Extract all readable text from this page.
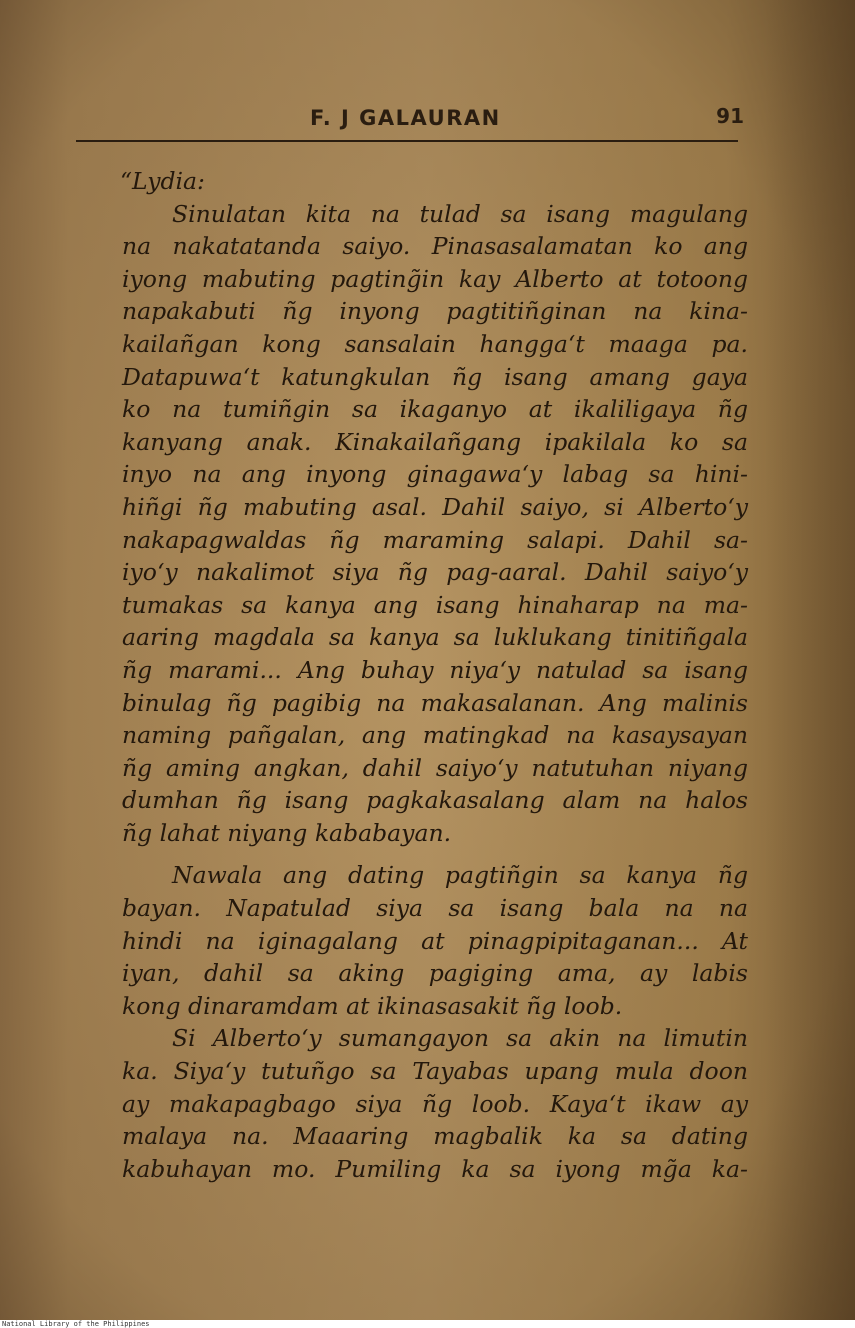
F. J GALAURAN	91
“Lydia:
Sinulatan kita na tulad sa isang magulang
na nakatatanda saiyo. Pinasasalamatan ko ang
iyong mabuting pagting̃in kay Alberto at totoong
napakabuti ñg inyong pagtitiñginan na kina-
kailañgan kong sansalain hangga‘t maaga pa.
Datapuwa‘t katungkulan ñg isang amang gaya
ko na tumiñgin sa ikaganyo at ikaliligaya ñg
kanyang anak. Kinakailañgang ipakilala ko sa
inyo na ang inyong ginagawa‘y labag sa hini-
hiñgi ñg mabuting asal. Dahil saiyo, si Alberto‘y
nakapagwaldas ñg maraming salapi. Dahil sa-
iyo‘y nakalimot siya ñg pag-aaral. Dahil saiyo‘y
tumakas sa kanya ang isang hinaharap na ma-
aaring magdala sa kanya sa luklukang tinitiñgala
ñg marami... Ang buhay niya‘y natulad sa isang
binulag ñg pagibig na makasalanan. Ang malinis
naming pañgalan, ang matingkad na kasaysayan
ñg aming angkan, dahil saiyo‘y natutuhan niyang
dumhan ñg isang pagkakasalang alam na halos
ñg lahat niyang kababayan.
Nawala ang dating pagtiñgin sa kanya ñg
bayan. Napatulad siya sa isang bala na na
hindi na iginagalang at pinagpipitaganan... At
iyan, dahil sa aking pagiging ama, ay labis
kong dinaramdam at ikinasasakit ñg loob.
Si Alberto‘y sumangayon sa akin na limutin
ka. Siya‘y tutuñgo sa Tayabas upang mula doon
ay makapagbago siya ñg loob. Kaya‘t ikaw ay
malaya na. Maaaring magbalik ka sa dating
kabuhayan mo. Pumiling ka sa iyong mg̃a ka-
National Library of the Philippines
